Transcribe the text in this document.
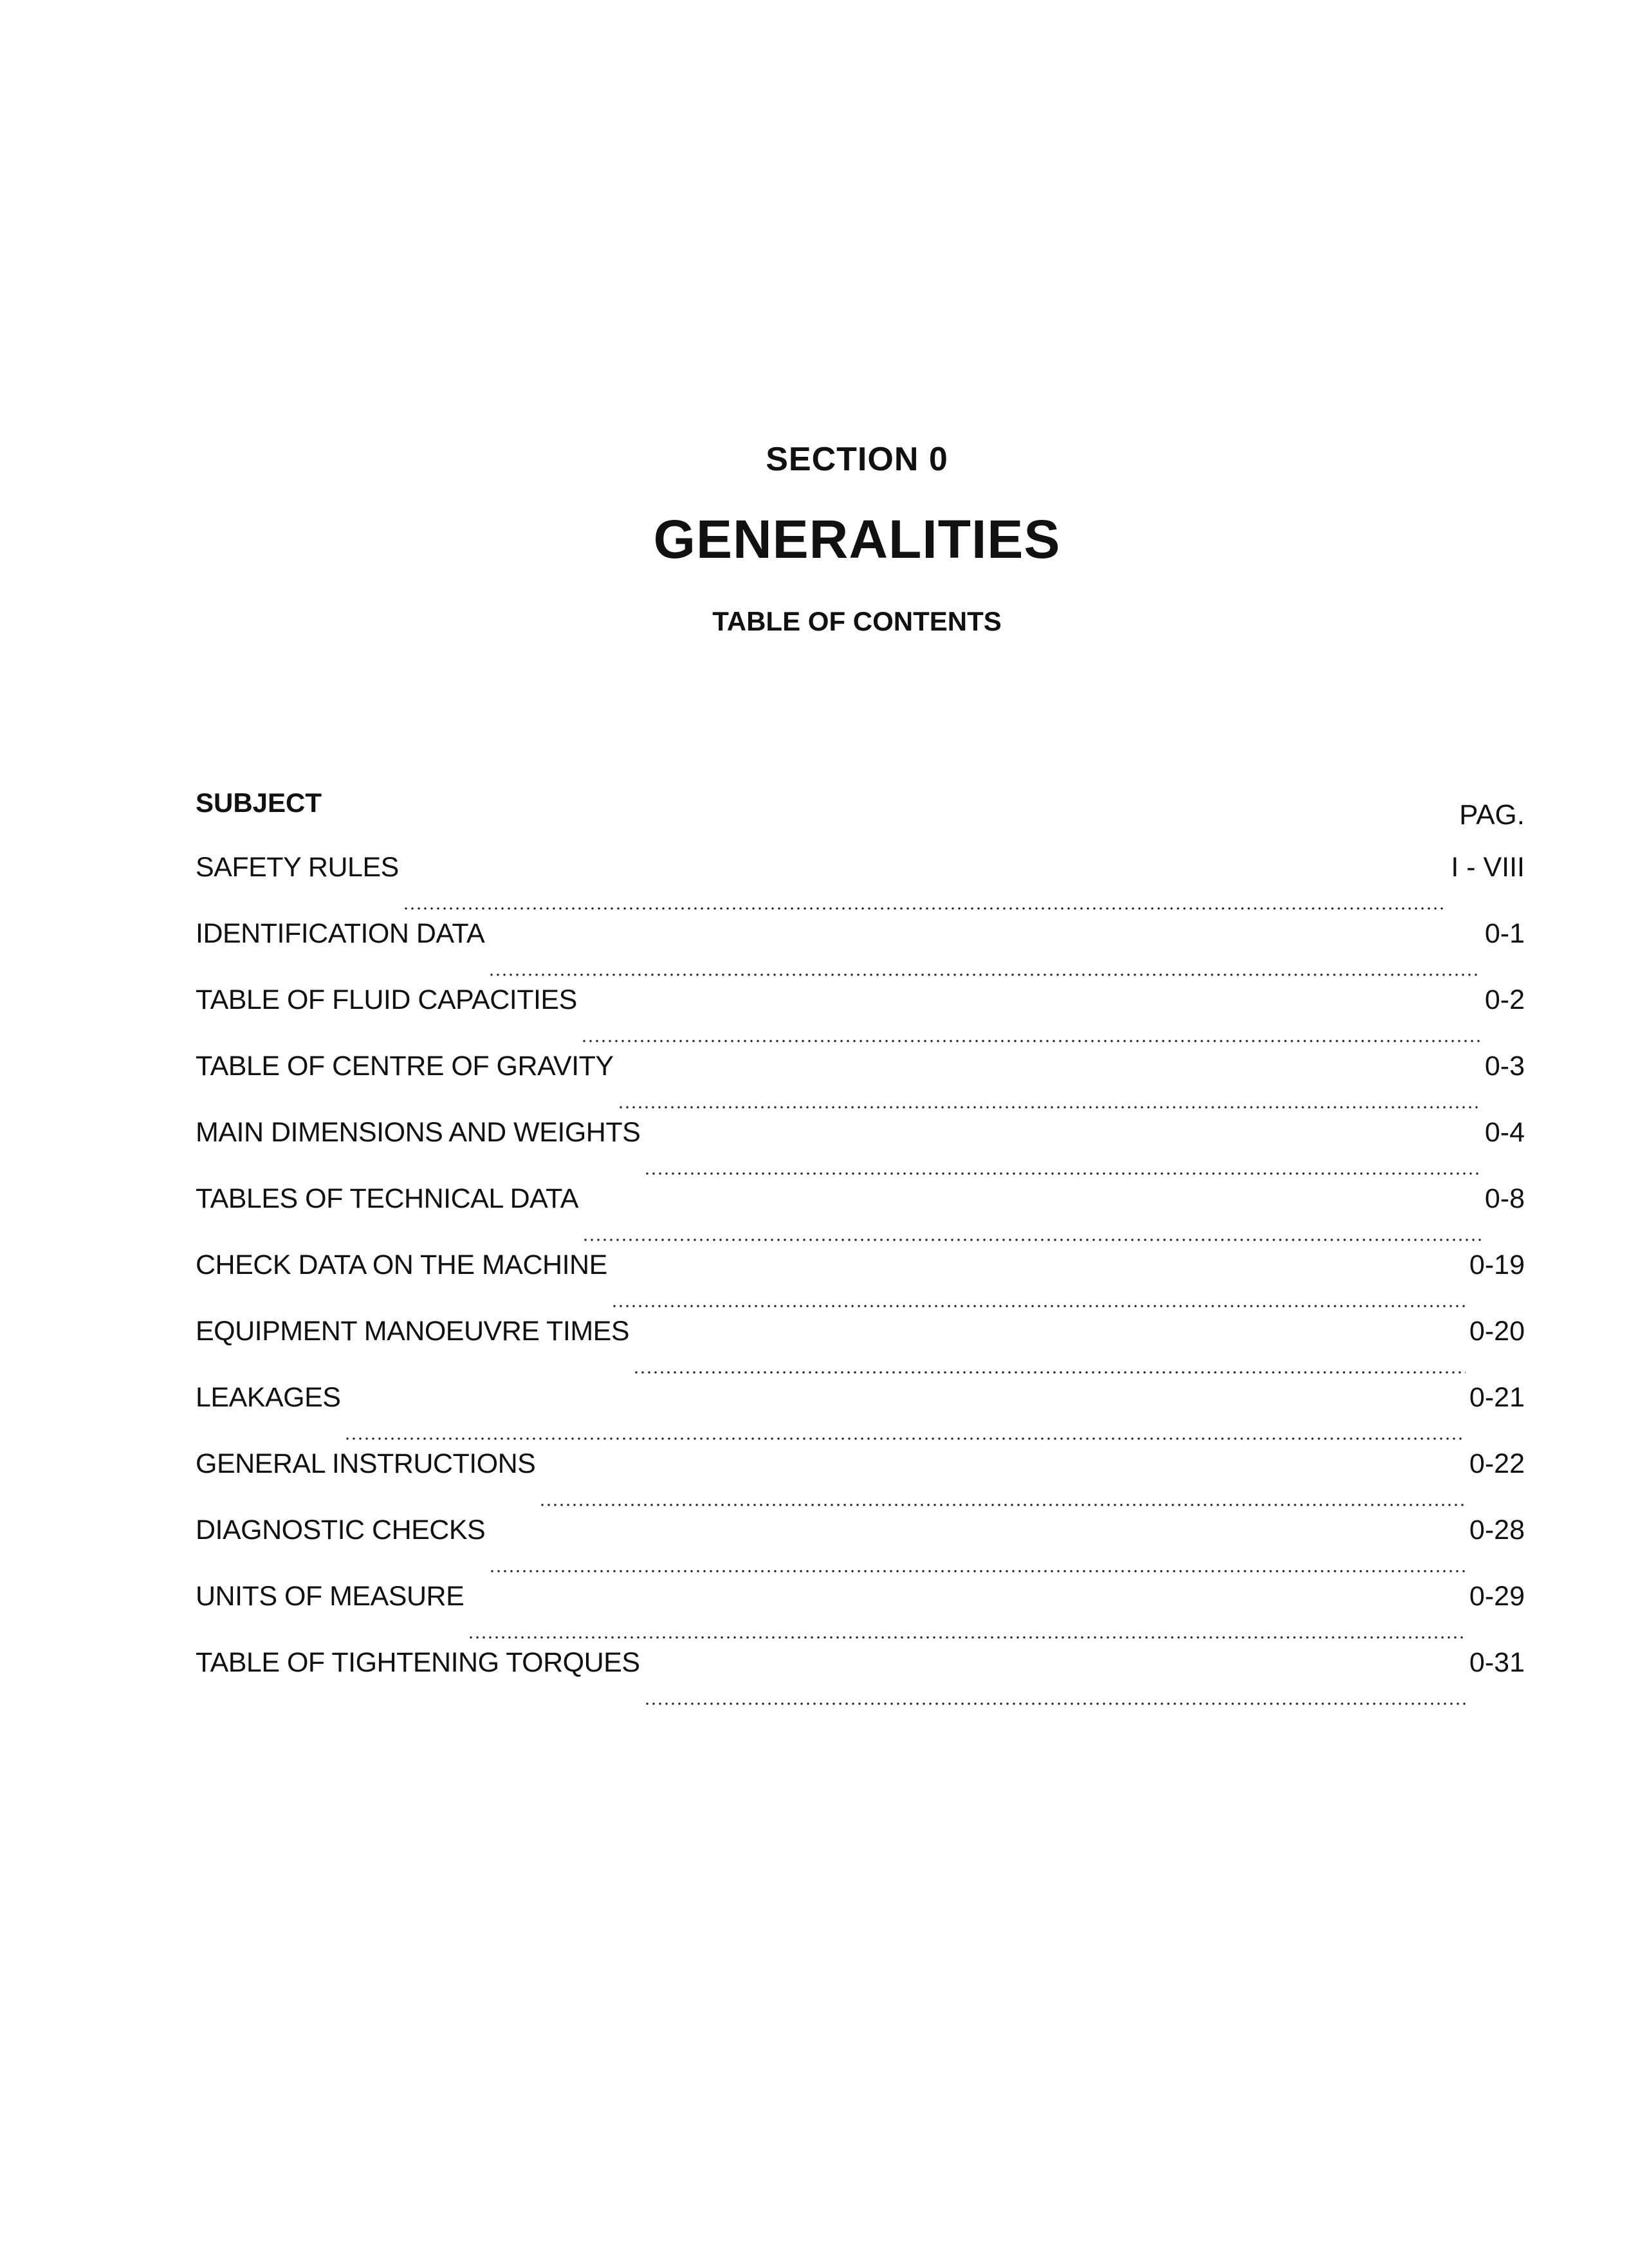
SECTION 0
GENERALITIES
TABLE OF CONTENTS
SUBJECT	PAG.
SAFETY RULES	I - VIII
IDENTIFICATION DATA	0-1
TABLE OF FLUID CAPACITIES	0-2
TABLE OF CENTRE OF GRAVITY	0-3
MAIN DIMENSIONS AND WEIGHTS	0-4
TABLES OF TECHNICAL DATA	0-8
CHECK DATA ON THE MACHINE	0-19
EQUIPMENT MANOEUVRE TIMES	0-20
LEAKAGES	0-21
GENERAL INSTRUCTIONS	0-22
DIAGNOSTIC CHECKS	0-28
UNITS OF MEASURE	0-29
TABLE OF TIGHTENING TORQUES	0-31
